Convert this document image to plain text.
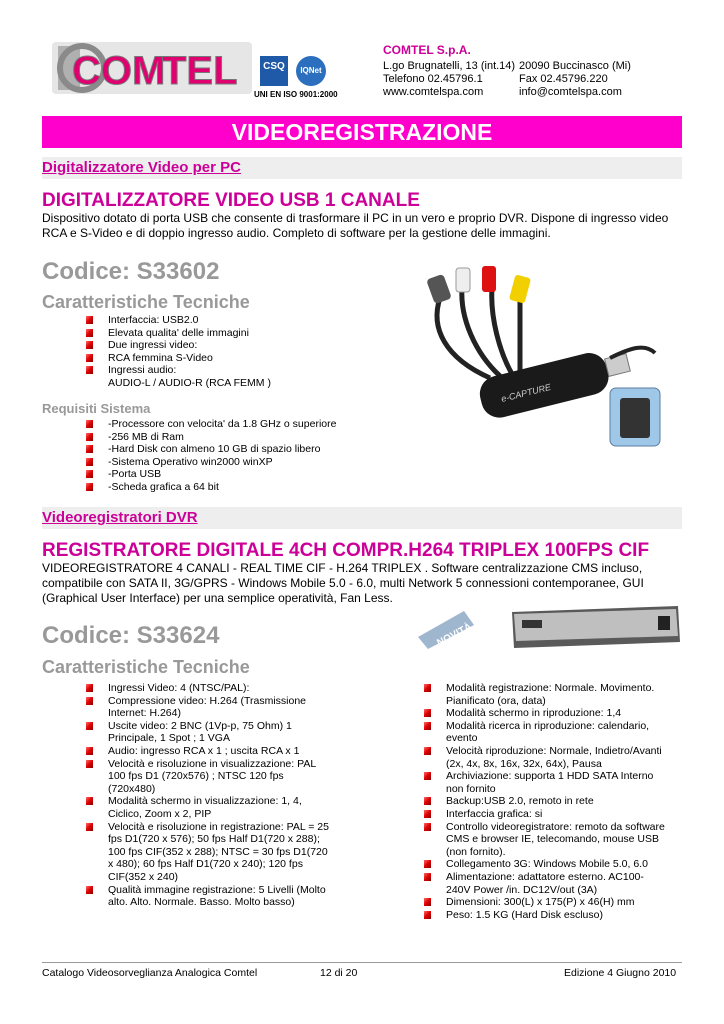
COM
TEL	CSQ	IQNet
UNI EN ISO 9001:2000
COMTEL S.p.A.
L.go Brugnatelli, 13 (int.14) 20090 Buccinasco (Mi)
Telefono 02.45796.1	Fax 02.45796.220
www.comtelspa.com	info@comtelspa.com
VIDEOREGISTRAZIONE
Digitalizzatore Video per PC
DIGITALIZZATORE VIDEO USB 1 CANALE
Dispositivo dotato di porta USB che consente di trasformare il PC in un vero e proprio DVR. Dispone di ingresso video RCA e S-Video e di doppio ingresso audio. Completo di software per la gestione delle immagini.
Codice: S33602
Caratteristiche Tecniche
Interfaccia: USB2.0
Elevata qualita' delle immagini
Due ingressi video:
RCA femmina S-Video
Ingressi audio:
AUDIO-L / AUDIO-R (RCA FEMM )
Requisiti Sistema
-Processore con velocita' da 1.8 GHz o superiore
-256 MB di Ram
-Hard Disk con almeno 10 GB di spazio libero
-Sistema Operativo win2000 winXP
-Porta USB
-Scheda grafica a 64 bit
e-CAPTURE
Videoregistratori DVR
REGISTRATORE DIGITALE 4CH COMPR.H264 TRIPLEX 100FPS CIF
VIDEOREGISTRATORE 4 CANALI - REAL TIME CIF - H.264 TRIPLEX . Software centralizzazione CMS incluso, compatibile con SATA II, 3G/GPRS - Windows Mobile 5.0 - 6.0, multi Network 5 connessioni contemporanee, GUI (Graphical User Interface) per una semplice operatività, Fan Less.
Codice: S33624	NOVITÀ
Caratteristiche Tecniche
Ingressi Video: 4 (NTSC/PAL):
Compressione video: H.264 (Trasmissione
Internet: H.264)
Uscite video: 2 BNC (1Vp-p, 75 Ohm) 1
Principale, 1 Spot ; 1 VGA
Audio: ingresso RCA x 1 ; uscita RCA x 1
Velocità e risoluzione in visualizzazione: PAL
100 fps D1 (720x576) ; NTSC 120 fps
(720x480)
Modalità schermo in visualizzazione: 1, 4,
Ciclico, Zoom x 2, PIP
Velocità e risoluzione in registrazione: PAL = 25
fps D1(720 x 576); 50 fps Half D1(720 x 288);
100 fps CIF(352 x 288); NTSC = 30 fps D1(720
x 480); 60 fps Half D1(720 x 240); 120 fps
CIF(352 x 240)
Qualità immagine registrazione: 5 Livelli (Molto
alto. Alto. Normale. Basso. Molto basso)
Modalità registrazione: Normale. Movimento.
Pianificato (ora, data)
Modalità schermo in riproduzione: 1,4
Modalità ricerca in riproduzione: calendario,
evento
Velocità riproduzione: Normale, Indietro/Avanti
(2x, 4x, 8x, 16x, 32x, 64x), Pausa
Archiviazione: supporta 1 HDD SATA Interno
non fornito
Backup:USB 2.0, remoto in rete
Interfaccia grafica: si
Controllo videoregistratore: remoto da software
CMS e browser IE, telecomando, mouse USB
(non fornito).
Collegamento 3G: Windows Mobile 5.0, 6.0
Alimentazione: adattatore esterno. AC100-
240V Power /in. DC12V/out (3A)
Dimensioni: 300(L) x 175(P) x 46(H) mm
Peso: 1.5 KG (Hard Disk escluso)
Catalogo Videosorveglianza Analogica Comtel	12 di 20	Edizione 4 Giugno 2010
